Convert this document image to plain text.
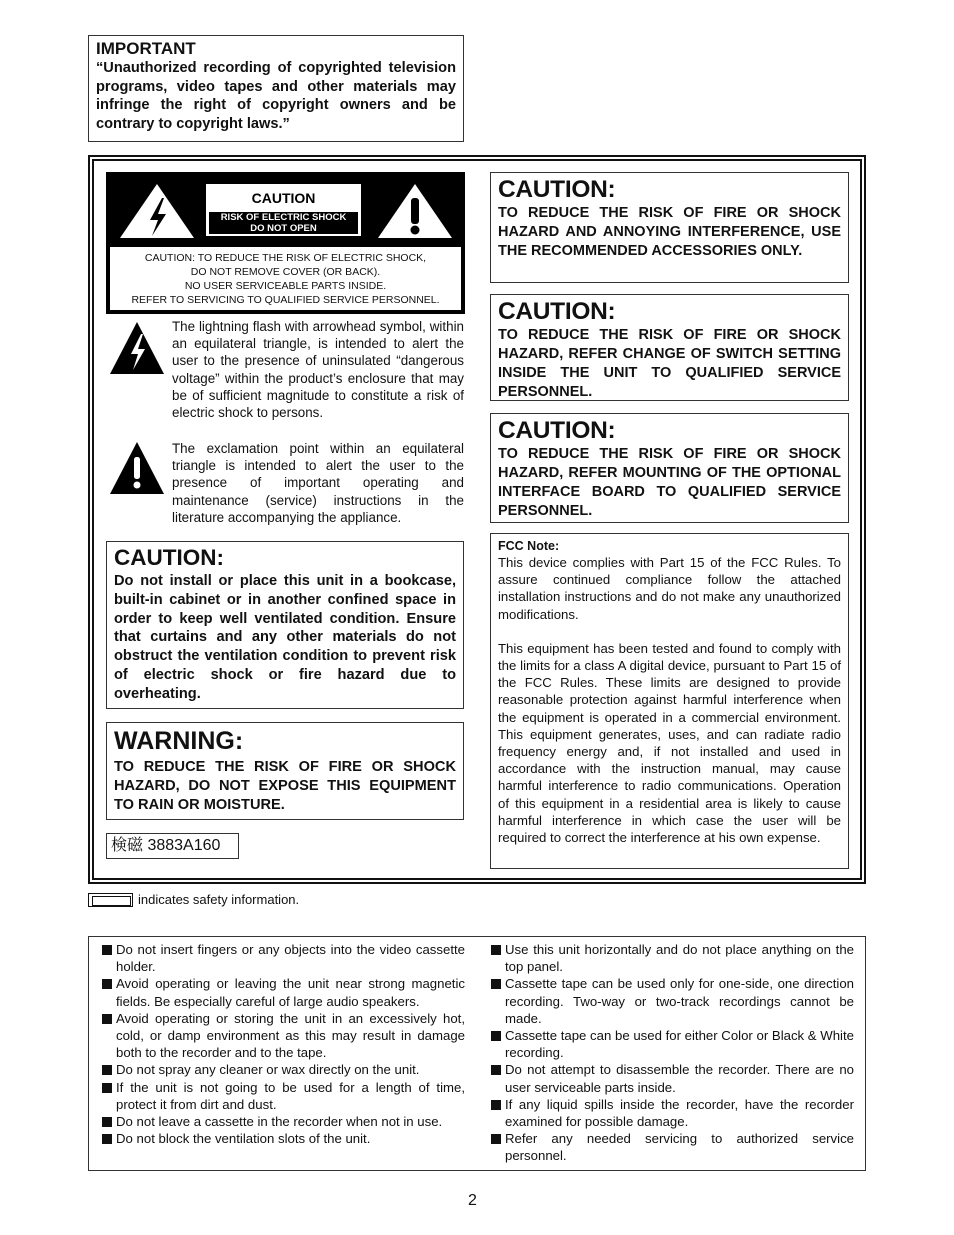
IMPORTANT
“Unauthorized recording of copyrighted television programs, video tapes and other materials may infringe the right of copyright owners and be contrary to copyright laws.”
CAUTION
RISK OF ELECTRIC SHOCK
DO NOT OPEN
CAUTION: TO REDUCE THE RISK OF ELECTRIC SHOCK,
DO NOT REMOVE COVER (OR BACK).
NO USER SERVICEABLE PARTS INSIDE.
REFER TO SERVICING TO QUALIFIED SERVICE PERSONNEL.
The lightning flash with arrowhead symbol, within an equilateral triangle, is intended to alert the user to the presence of uninsulated “dangerous voltage” within the product’s enclosure that may be of sufficient magnitude to constitute a risk of electric shock to persons.
The exclamation point within an equilateral triangle is intended to alert the user to the presence of important operating and maintenance (service) instructions in the literature accompanying the appliance.
CAUTION:
Do not install or place this unit in a bookcase, built-in cabinet or in another confined space in order to keep well ventilated condition. Ensure that curtains and any other materials do not obstruct the ventilation condition to prevent risk of electric shock or fire hazard due to overheating.
WARNING:
TO REDUCE THE RISK OF FIRE OR SHOCK HAZARD, DO NOT EXPOSE THIS EQUIPMENT TO RAIN OR MOISTURE.
検磁 3883A160
CAUTION:
TO REDUCE THE RISK OF FIRE OR SHOCK HAZARD AND ANNOYING INTERFERENCE, USE THE RECOMMENDED ACCESSORIES ONLY.
CAUTION:
TO REDUCE THE RISK OF FIRE OR SHOCK HAZARD, REFER CHANGE OF SWITCH SETTING INSIDE THE UNIT TO QUALIFIED SERVICE PERSONNEL.
CAUTION:
TO REDUCE THE RISK OF FIRE OR SHOCK HAZARD, REFER MOUNTING OF THE OPTIONAL INTERFACE BOARD TO QUALIFIED SERVICE PERSONNEL.
FCC Note:
This device complies with Part 15 of the FCC Rules. To assure continued compliance follow the attached installation instructions and do not make any unauthorized modifications.
This equipment has been tested and found to comply with the limits for a class A digital device, pursuant to Part 15 of the FCC Rules. These limits are designed to provide reasonable protection against harmful interference when the equipment is operated in a commercial environment. This equipment generates, uses, and can radiate radio frequency energy and, if not installed and used in accordance with the instruction manual, may cause harmful interference to radio communications. Operation of this equipment in a residential area is likely to cause harmful interference in which case the user will be required to correct the interference at his own expense.
indicates safety information.
Do not insert fingers or any objects into the video cassette holder.
Avoid operating or leaving the unit near strong magnetic fields. Be especially careful of large audio speakers.
Avoid operating or storing the unit in an excessively hot, cold, or damp environment as this may result in damage both to the recorder and to the tape.
Do not spray any cleaner or wax directly on the unit.
If the unit is not going to be used for a length of time, protect it from dirt and dust.
Do not leave a cassette in the recorder when not in use.
Do not block the ventilation slots of the unit.
Use this unit horizontally and do not place anything on the top panel.
Cassette tape can be used only for one-side, one direction recording. Two-way or two-track recordings cannot be made.
Cassette tape can be used for either Color or Black & White recording.
Do not attempt to disassemble the recorder. There are no user serviceable parts inside.
If any liquid spills inside the recorder, have the recorder examined for possible damage.
Refer any needed servicing to authorized service personnel.
2
